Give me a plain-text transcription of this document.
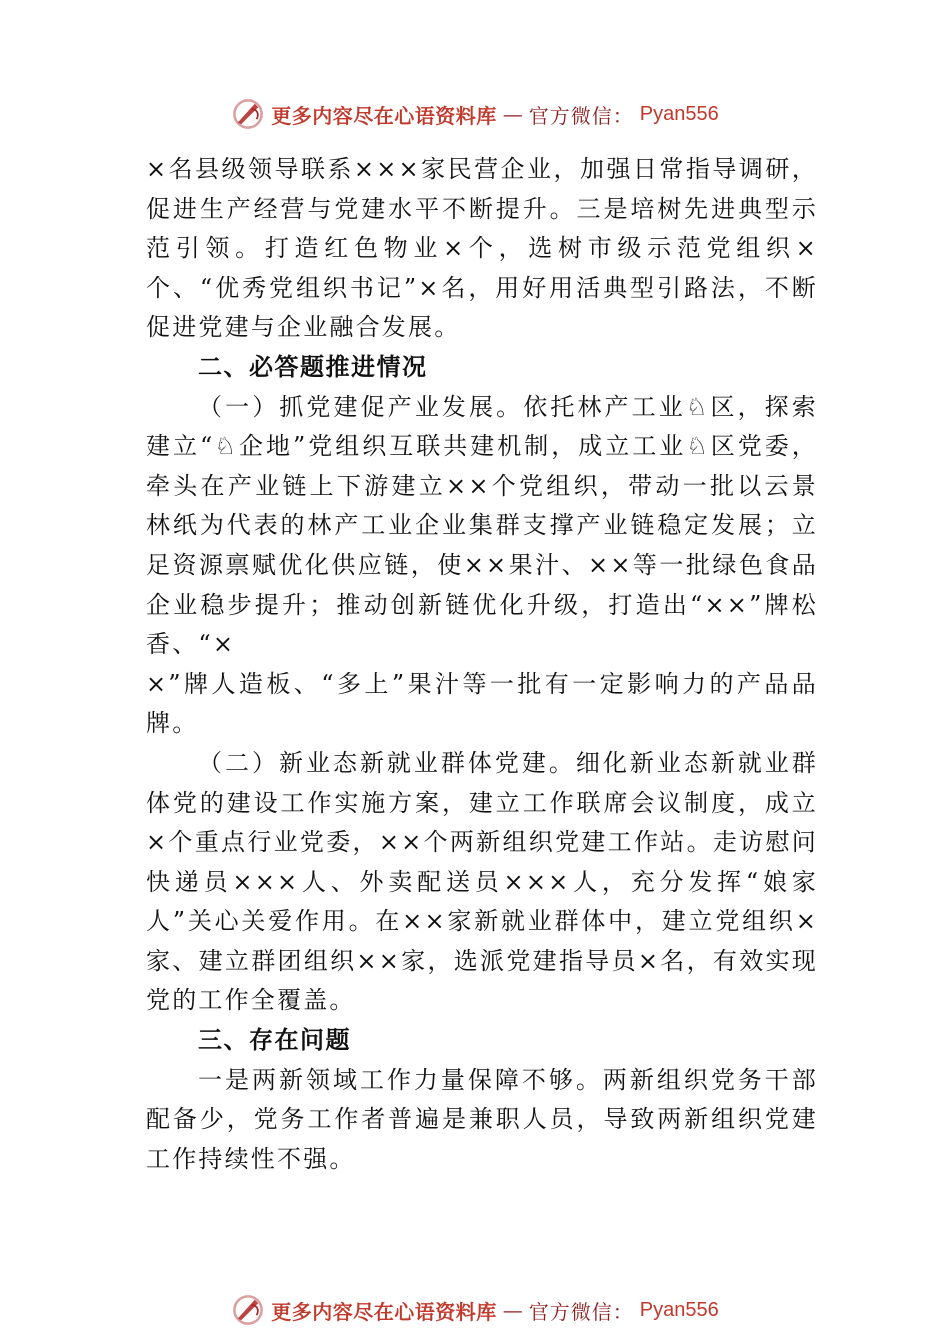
更多内容尽在心语资料库 — 官方微信： Pyan556

×名县级领导联系×××家民营企业，加强日常指导调研， 促进生产经营与党建水平不断提升。三是培树先进典型示范引领。打造红色物业×个，选树市级示范党组织×个、“优秀党组织书记”×名，用好用活典型引路法，不断促进党建与企业融合发展。

二、必答题推进情况

（一）抓党建促产业发展。依托林产工业♘区，探索建立“♘企地”党组织互联共建机制，成立工业♘区党委，牵头在产业链上下游建立××个党组织，带动一批以云景林纸为代表的林产工业企业集群支撑产业链稳定发展；立足资源禀赋优化供应链，使××果汁、××等一批绿色食品企业稳步提升；推动创新链优化升级，打造出“××”牌松香、“×

×”牌人造板、“多上”果汁等一批有一定影响力的产品品牌。

（二）新业态新就业群体党建。细化新业态新就业群体党的建设工作实施方案，建立工作联席会议制度，成立×个重点行业党委，××个两新组织党建工作站。走访慰问快递员×××人、外卖配送员×××人，充分发挥“娘家人”关心关爱作用。在××家新就业群体中，建立党组织×家、建立群团组织××家，选派党建指导员×名，有效实现党的工作全覆盖。

三、存在问题

一是两新领域工作力量保障不够。两新组织党务干部配备少，党务工作者普遍是兼职人员，导致两新组织党建工作持续性不强。

更多内容尽在心语资料库 — 官方微信： Pyan556
